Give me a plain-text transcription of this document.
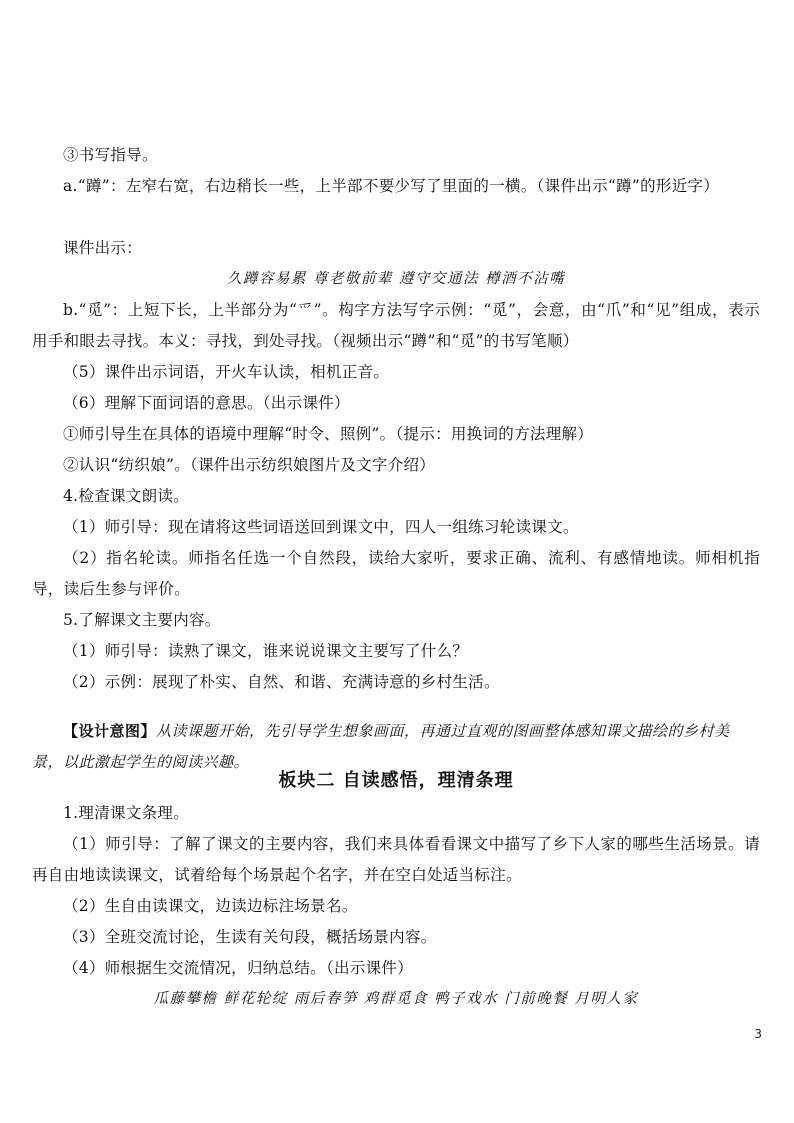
③书写指导。

a.“蹲”：左窄右宽，右边稍长一些，上半部不要少写了里面的一横。（课件出示“蹲”的形近字）

课件出示：

久蹲容易累 尊老敬前辈 遵守交通法 樽酒不沾嘴

b.“觅”：上短下长，上半部分为“爫”。构字方法写字示例：“觅”，会意，由“爪”和“见”组成，表示用手和眼去寻找。本义：寻找，到处寻找。（视频出示“蹲”和“觅”的书写笔顺）

（5）课件出示词语，开火车认读，相机正音。

（6）理解下面词语的意思。（出示课件）

①师引导生在具体的语境中理解“时令、照例”。（提示：用换词的方法理解）

②认识“纺织娘”。（课件出示纺织娘图片及文字介绍）

4.检查课文朗读。

（1）师引导：现在请将这些词语送回到课文中，四人一组练习轮读课文。

（2）指名轮读。师指名任选一个自然段，读给大家听，要求正确、流利、有感情地读。师相机指导，读后生参与评价。

5.了解课文主要内容。

（1）师引导：读熟了课文，谁来说说课文主要写了什么？

（2）示例：展现了朴实、自然、和谐、充满诗意的乡村生活。

【设计意图】从读课题开始，先引导学生想象画面，再通过直观的图画整体感知课文描绘的乡村美景，以此激起学生的阅读兴趣。

板块二 自读感悟，理清条理

1.理清课文条理。

（1）师引导：了解了课文的主要内容，我们来具体看看课文中描写了乡下人家的哪些生活场景。请再自由地读读课文，试着给每个场景起个名字，并在空白处适当标注。

（2）生自由读课文，边读边标注场景名。

（3）全班交流讨论，生读有关句段，概括场景内容。

（4）师根据生交流情况，归纳总结。（出示课件）

瓜藤攀檐 鲜花轮绽 雨后春笋 鸡群觅食 鸭子戏水 门前晚餐 月明人家
3
